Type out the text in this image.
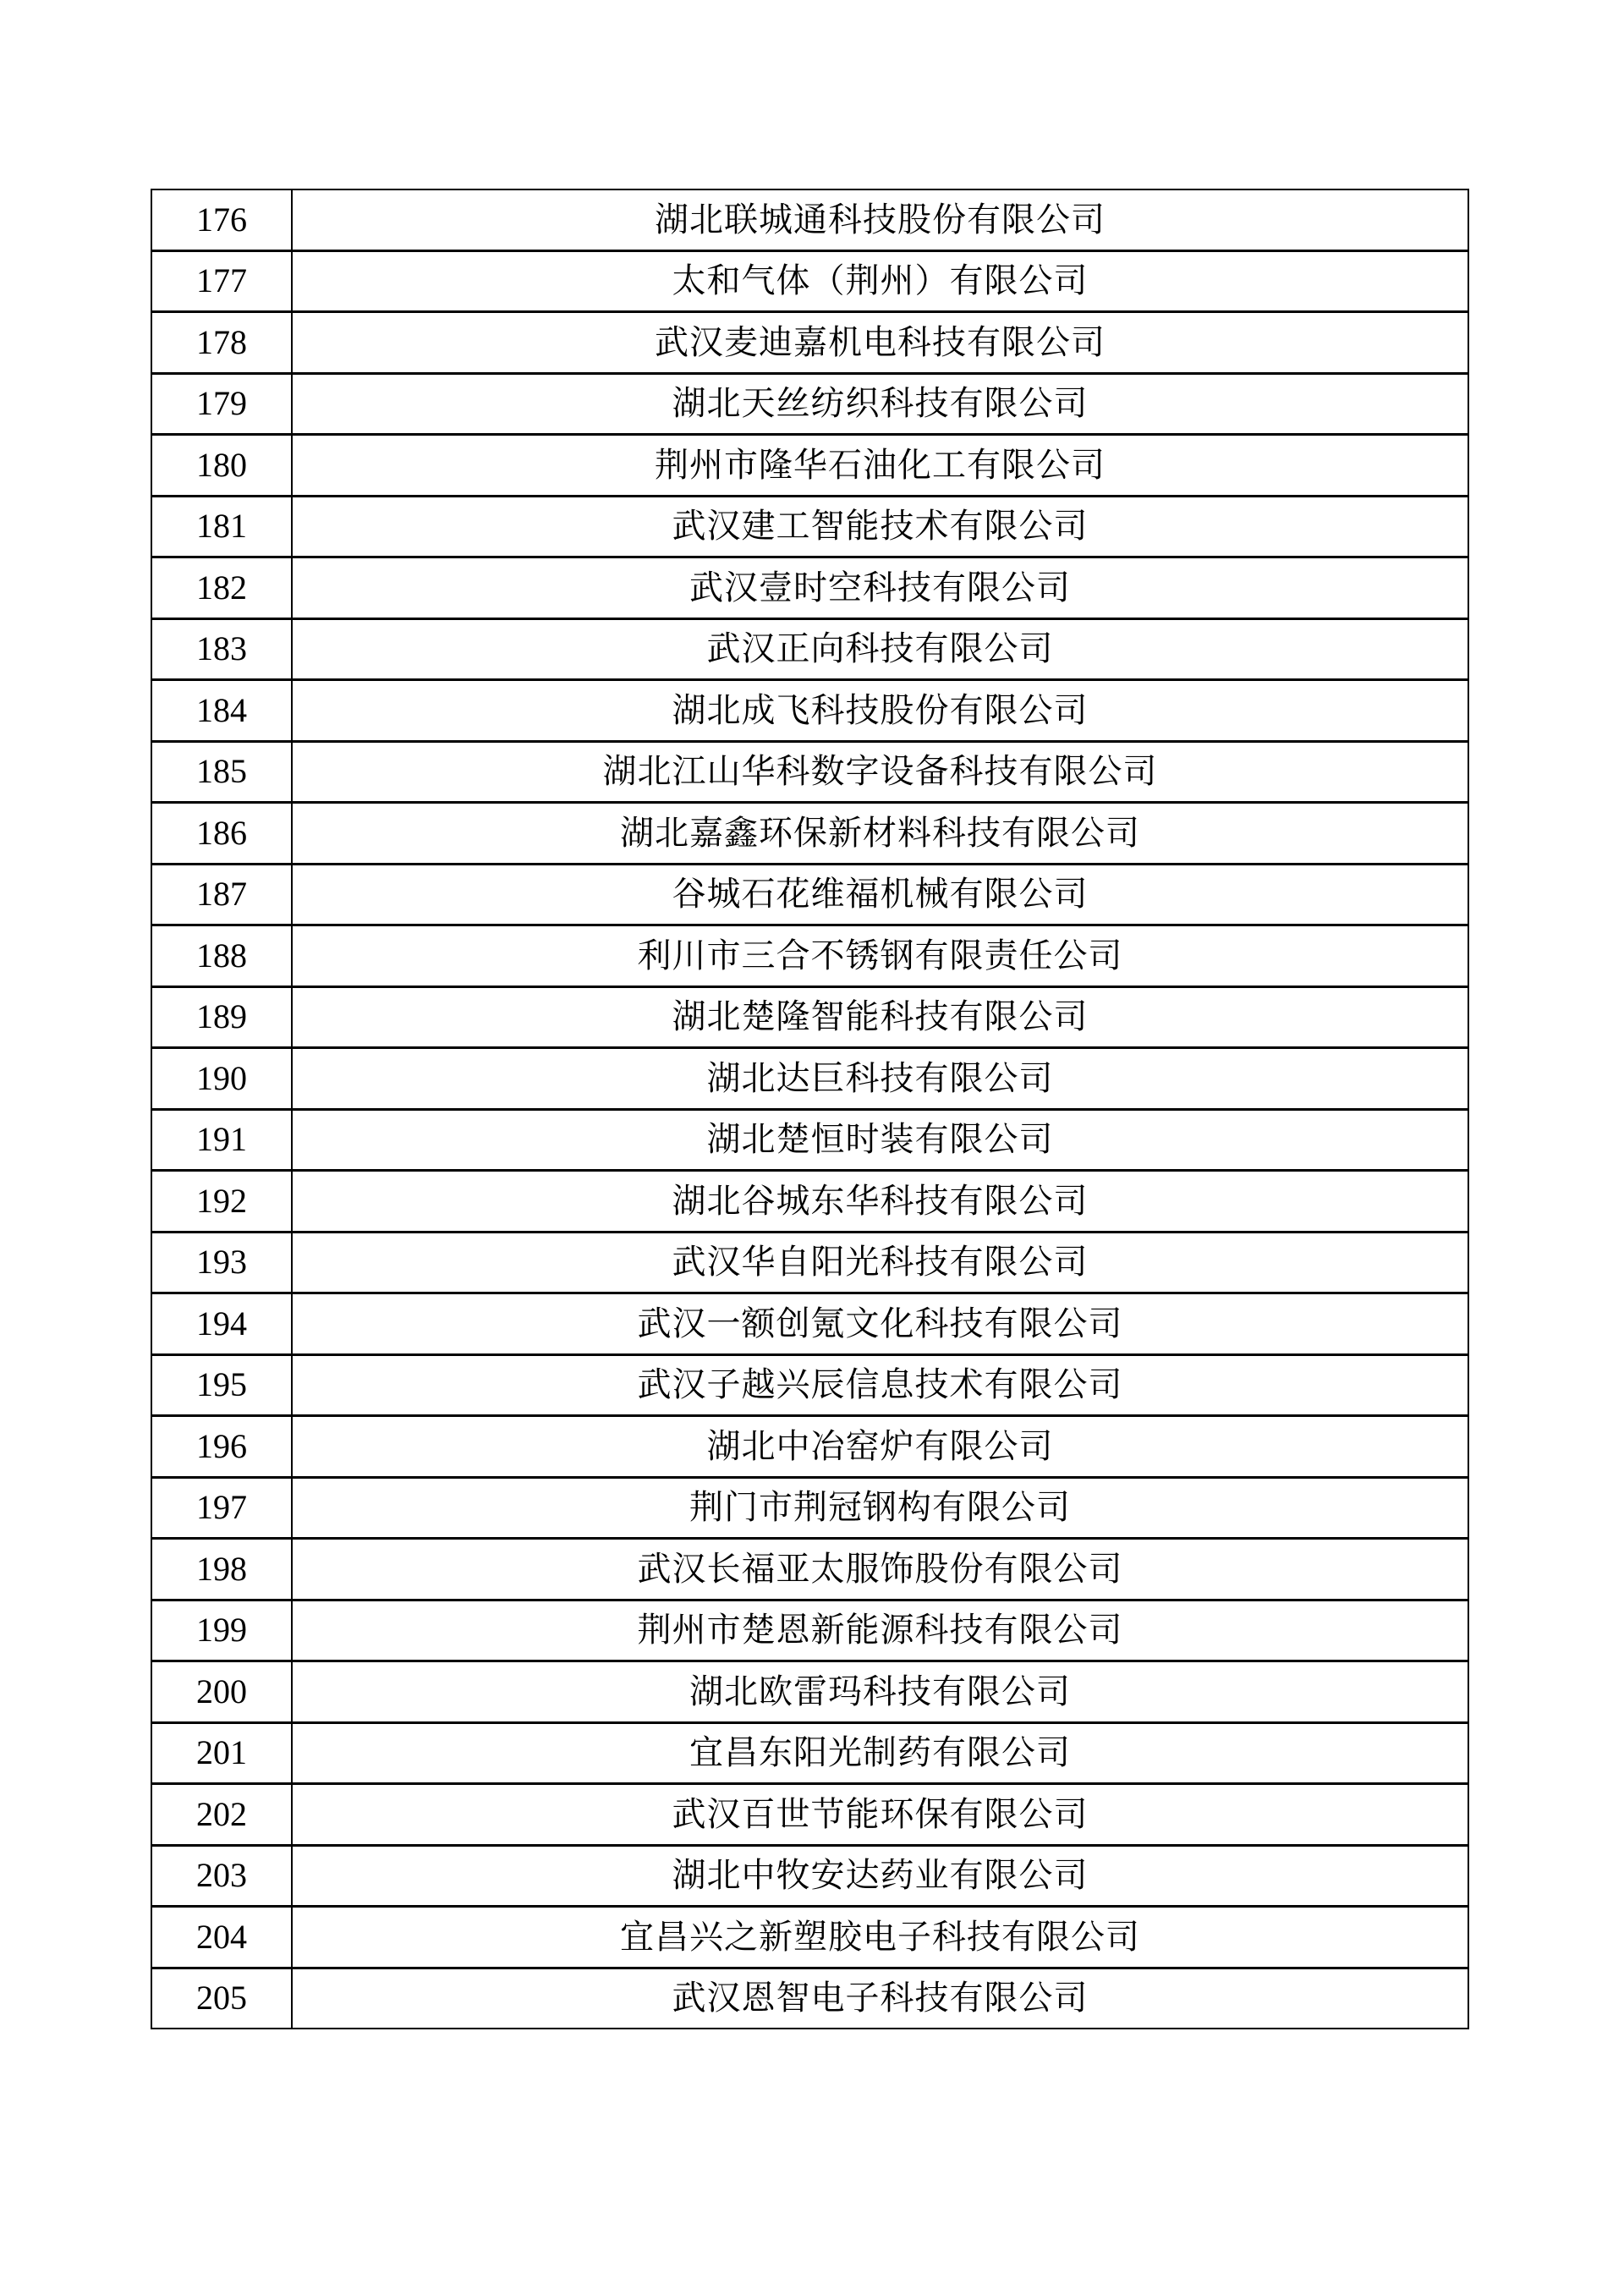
176	湖北联城通科技股份有限公司
177	太和气体（荆州）有限公司
178	武汉麦迪嘉机电科技有限公司
179	湖北天丝纺织科技有限公司
180	荆州市隆华石油化工有限公司
181	武汉建工智能技术有限公司
182	武汉壹时空科技有限公司
183	武汉正向科技有限公司
184	湖北成飞科技股份有限公司
185	湖北江山华科数字设备科技有限公司
186	湖北嘉鑫环保新材料科技有限公司
187	谷城石花维福机械有限公司
188	利川市三合不锈钢有限责任公司
189	湖北楚隆智能科技有限公司
190	湖北达巨科技有限公司
191	湖北楚恒时装有限公司
192	湖北谷城东华科技有限公司
193	武汉华自阳光科技有限公司
194	武汉一额创氪文化科技有限公司
195	武汉子越兴辰信息技术有限公司
196	湖北中冶窑炉有限公司
197	荆门市荆冠钢构有限公司
198	武汉长福亚太服饰股份有限公司
199	荆州市楚恩新能源科技有限公司
200	湖北欧雷玛科技有限公司
201	宜昌东阳光制药有限公司
202	武汉百世节能环保有限公司
203	湖北中牧安达药业有限公司
204	宜昌兴之新塑胶电子科技有限公司
205	武汉恩智电子科技有限公司
